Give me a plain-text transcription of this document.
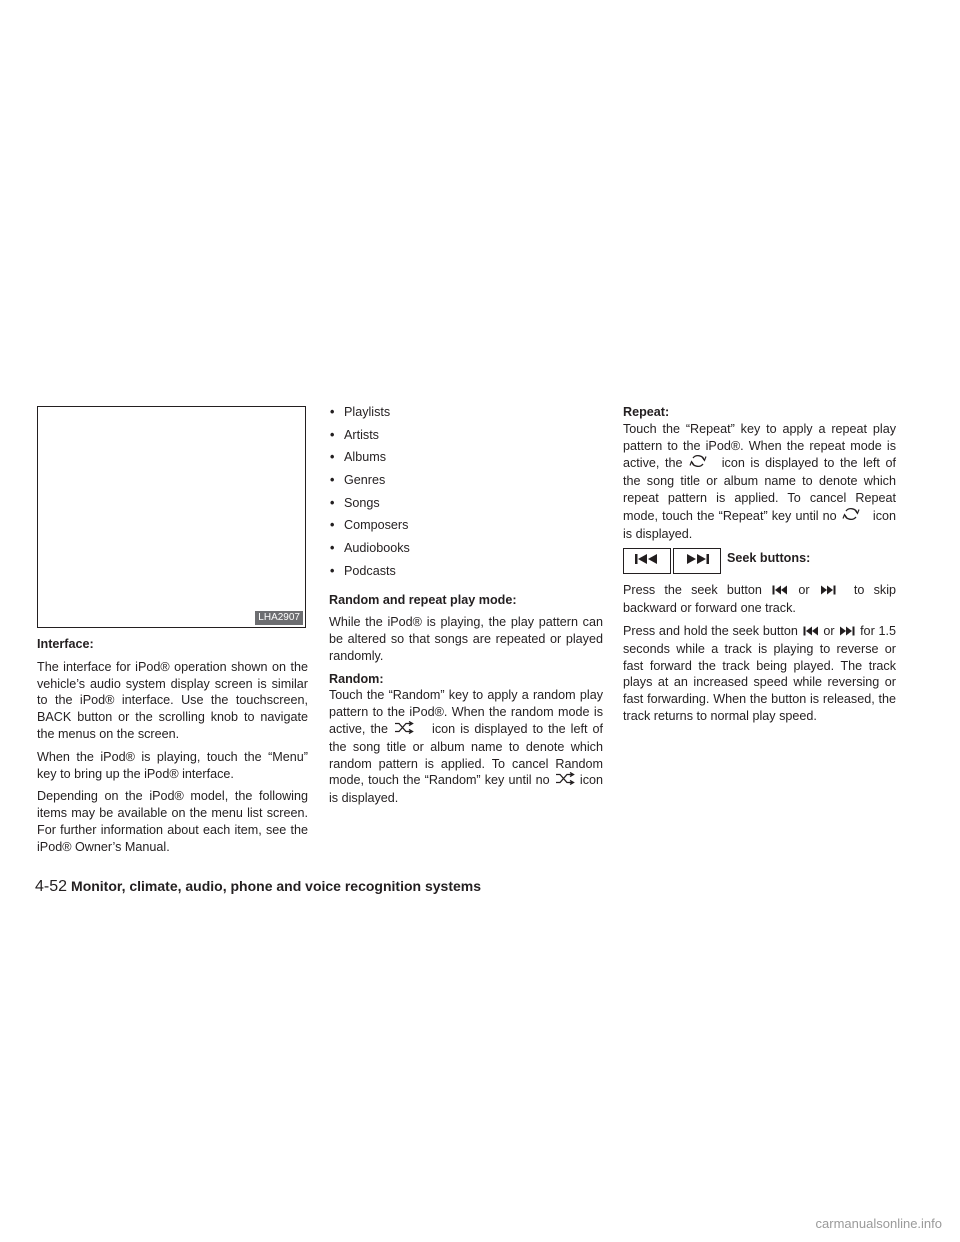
LHA2907
Interface:

The interface for iPod® operation shown on the vehicle’s audio system display screen is similar to the iPod® interface. Use the touchscreen, BACK button or the scrolling knob to navigate the menus on the screen.

When the iPod® is playing, touch the “Menu” key to bring up the iPod® interface.

Depending on the iPod® model, the following items may be available on the menu list screen. For further information about each item, see the iPod® Owner’s Manual.

• Playlists
• Artists
• Albums
• Genres
• Songs
• Composers
• Audiobooks
• Podcasts
Random and repeat play mode:

While the iPod® is playing, the play pattern can be altered so that songs are repeated or played randomly.

Random:

Touch the “Random” key to apply a random play pattern to the iPod®. When the random mode is active, the	icon is displayed to the left of the song title or album name to denote which random pattern is applied. To cancel Random mode, touch the “Random” key until no icon is displayed.

Repeat:

Touch the “Repeat” key to apply a repeat play pattern to the iPod®. When the repeat mode is active, the	icon is displayed to the left of the song title or album name to denote which repeat pattern is applied. To cancel Repeat mode, touch the “Repeat” key until no	icon is displayed.

Seek buttons:

Press the seek button	or	to skip backward or forward one track.

Press and hold the seek button or for 1.5 seconds while a track is playing to reverse or fast forward the track being played. The track plays at an increased speed while reversing or fast forwarding. When the button is released, the track returns to normal play speed.

4-52 Monitor, climate, audio, phone and voice recognition systems
carmanualsonline.info
